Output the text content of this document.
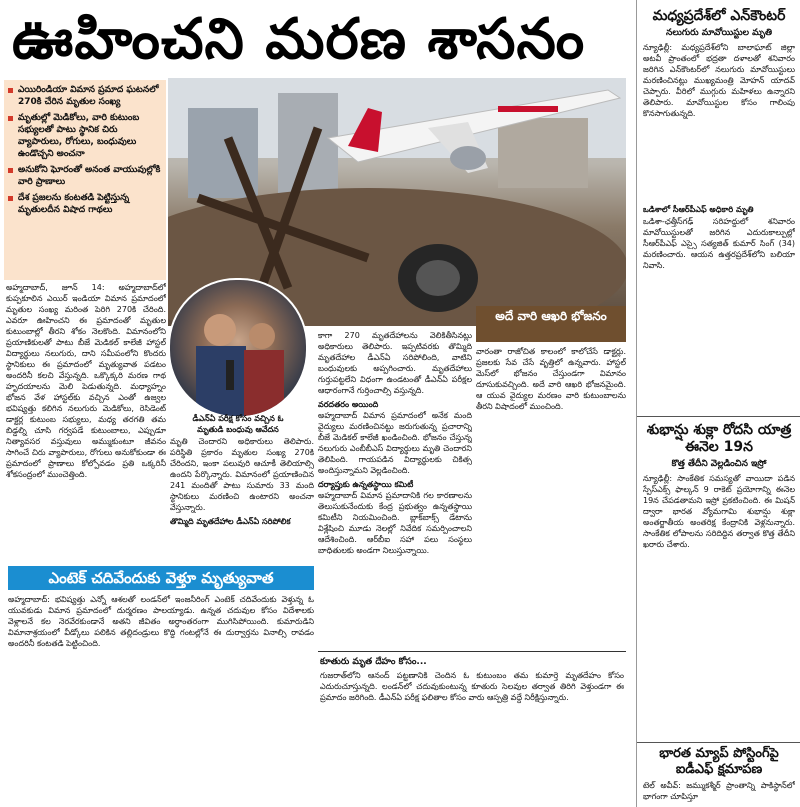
ఊహించని మరణ శాసనం
ఎయిరిండియా విమాన ప్రమాద ఘటనలో 270కి చేరిన మృతుల సంఖ్య
మృతుల్లో మెడికోలు, వారి కుటుంబ సభ్యులతో పాటు స్థానిక చిరు వ్యాపారులు, రోగులు, బంధువులు ఉండొచ్చని అంచనా
అనుకోని ఘోరంతో అనంత వాయువుల్లోకి వారి ప్రాణాలు
దేశ ప్రజలను కంటతడి పెట్టిస్తున్న మృతులదీన విషాద గాథలు
అహ్మదాబాద్‌, జూన్‌ 14: అహ్మదాబాద్‌లో కుప్పకూలిన ఎయిర్‌ ఇండియా విమాన ప్రమాదంలో మృతుల సంఖ్య మరింత పెరిగి 270కి చేరింది. ఎవరూ ఊహించని ఈ ప్రమాదంతో మృతుల కుటుంబాల్లో తీరని శోకం నెలకొంది. విమానంలోని ప్రయాణికులతో పాటు బీజే మెడికల్‌ కాలేజీ హాస్టల్‌ విద్యార్థులు నలుగురు, దాని సమీపంలోని కొందరు స్థానికులు ఈ ప్రమాదంలో మృత్యువాత పడటం అందరినీ కలచి వేస్తున్నది. ఒక్కొక్కరి మరణ గాథ హృదయాలను మెలి పెడుతున్నది. మధ్యాహ్నం భోజన వేళ హాస్టల్‌కు వచ్చిన ఎంతో ఉజ్వల భవిష్యత్తు కలిగిన నలుగురు మెడికోలు, రెసిడెంట్‌ డాక్టర్ల కుటుంబ సభ్యులు, మధ్య తరగతి తమ బిడ్డల్ని చూసి గర్వపడే కుటుంబాలు, ఎప్పుడూ నిత్యావసర వస్తువులు అమ్ముకుంటూ జీవనం సాగించే చిరు వ్యాపారులు, రోగులు అనుకోకుండా ఈ ప్రమాదంలో ప్రాణాలు కోల్పోవడం ప్రతి ఒక్కరినీ శోకసంద్రంలో ముంచెత్తింది.
డీఎన్‌ఏ పరీక్ష కోసం వచ్చిన ఓ మృతుడి బంధువు ఆవేదన
మృతి చెందారని అధికారులు తెలిపారు. పరిస్థితి ప్రకారం మృతుల సంఖ్య 270కి చేరిందని, ఇంకా పలువురి ఆచూకీ తెలియాల్సి ఉందని పేర్కొన్నారు. విమానంలో ప్రయాణించిన 241 మందితో పాటు సుమారు 33 మంది స్థానికులు మరణించి ఉంటారని అంచనా వేస్తున్నారు.
తొమ్మిది మృతదేహాల డీఎన్‌ఏ సరిపోలిక
కాగా 270 మృతదేహాలను వెలికితీసినట్లు అధికారులు తెలిపారు. ఇప్పటివరకు తొమ్మిది మృతదేహాల డీఎన్‌ఏ సరిపోలింది, వాటిని బంధువులకు అప్పగించారు. మృతదేహాలు గుర్తుపట్టలేని విధంగా ఉండటంతో డీఎన్‌ఏ పరీక్షల ఆధారంగానే గుర్తించాల్సి వస్తున్నది.
వరదతరం అయింది
అహ్మదాబాద్‌ విమాన ప్రమాదంలో అనేక మంది వైద్యులు మరణించినట్టు జరుగుతున్న ప్రచారాన్ని బీజే మెడికల్‌ కాలేజీ ఖండించింది. భోజనం చేస్తున్న నలుగురు ఎంబీబీఎస్‌ విద్యార్థులు మృతి చెందారని తెలిపింది. గాయపడిన విద్యార్థులకు చికిత్స అందిస్తున్నామని వెల్లడించింది.
దర్యాప్తుకు ఉన్నతస్థాయి కమిటీ
అహ్మదాబాద్‌ విమాన ప్రమాదానికి గల కారణాలను తెలుసుకునేందుకు కేంద్ర ప్రభుత్వం ఉన్నతస్థాయి కమిటీని నియమించింది. బ్లాక్‌బాక్స్‌ డేటాను విశ్లేషించి మూడు నెలల్లో నివేదిక సమర్పించాలని ఆదేశించింది. ఆర్‌బీఐ సహా పలు సంస్థలు బాధితులకు అండగా నిలుస్తున్నాయి.
అదే వారి ఆఖరి భోజనం
వారంతా రాజోచిత కాలంలో కాలోచేసే డాక్టర్లు. ప్రజలకు సేవ చేసే వృత్తిలో ఉన్నవారు. హాస్టల్‌ మెస్‌లో భోజనం చేస్తుండగా విమానం దూసుకువచ్చింది. అదే వారి ఆఖరి భోజనమైంది. ఆ యువ వైద్యుల మరణం వారి కుటుంబాలను తీరని విషాదంలో ముంచింది.
ఎంటెక్‌ చదివేందుకు వెళ్తూ మృత్యువాత
అహ్మదాబాద్‌: భవిష్యత్తు ఎన్నో ఆశలతో లండన్‌లో ఇంజనీరింగ్‌ ఎంటెక్‌ చదివేందుకు వెళ్తున్న ఓ యువకుడు విమాన ప్రమాదంలో దుర్మరణం పాలయ్యాడు. ఉన్నత చదువుల కోసం విదేశాలకు వెళ్లాలనే కల నెరవేరకుండానే అతని జీవితం అర్ధాంతరంగా ముగిసిపోయింది. కుమారుడిని విమానాశ్రయంలో వీడ్కోలు పలికిన తల్లిదండ్రులు కొద్ది గంటల్లోనే ఈ దుర్వార్తను వినాల్సి రావడం అందరినీ కంటతడి పెట్టించింది.
కూతురు మృత దేహం కోసం...
గుజరాత్‌లోని ఆనంద్‌ పట్టణానికి చెందిన ఓ కుటుంబం తమ కుమార్తె మృతదేహం కోసం ఎదురుచూస్తున్నది. లండన్‌లో చదువుకుంటున్న కూతురు సెలవుల తర్వాత తిరిగి వెళ్తుండగా ఈ ప్రమాదం జరిగింది. డీఎన్‌ఏ పరీక్ష ఫలితాల కోసం వారు ఆస్పత్రి వద్దే నిరీక్షిస్తున్నారు.
మధ్యప్రదేశ్‌లో ఎన్‌కౌంటర్‌
నలుగురు మావోయిస్టుల మృతి
న్యూఢిల్లీ: మధ్యప్రదేశ్‌లోని బాలాఘాట్‌ జిల్లా అటవీ ప్రాంతంలో భద్రతా దళాలతో శనివారం జరిగిన ఎన్‌కౌంటర్‌లో నలుగురు మావోయిస్టులు మరణించినట్లు ముఖ్యమంత్రి మోహన్‌ యాదవ్‌ చెప్పారు. వీరిలో ముగ్గురు మహిళలు ఉన్నారని తెలిపారు. మావోయిస్టుల కోసం గాలింపు కొనసాగుతున్నది.
ఒడిశాలో సీఆర్‌పీఎఫ్‌ అధికారి మృతి
ఒడిశా-ఛత్తీస్‌గఢ్‌ సరిహద్దులో శనివారం మావోయిస్టులతో జరిగిన ఎదురుకాల్పుల్లో సీఆర్‌పీఎఫ్‌ ఎస్సై సత్యజిత్‌ కుమార్‌ సింగ్‌ (34) మరణించారు. ఆయన ఉత్తరప్రదేశ్‌లోని బలియా నివాసి.
శుభాన్షు శుక్లా రోదసి యాత్ర ఈనెల 19న
కొత్త తేదీని వెల్లడించిన ఇస్రో
న్యూఢిల్లీ: సాంకేతిక సమస్యతో వాయిదా పడిన స్పేస్‌ఎక్స్‌ ఫాల్కన్‌ 9 రాకెట్‌ ప్రయోగాన్ని ఈనెల 19న చేపడతామని ఇస్రో ప్రకటించింది. ఈ మిషన్‌ ద్వారా భారత వ్యోమగామి శుభాన్షు శుక్లా అంతర్జాతీయ అంతరిక్ష కేంద్రానికి వెళ్లనున్నారు. సాంకేతిక లోపాలను సరిదిద్దిన తర్వాత కొత్త తేదీని ఖరారు చేశారు.
భారత మ్యాప్‌ పోస్టింగ్‌పై ఐడీఎఫ్‌ క్షమాపణ
టెల్‌ అవీవ్‌: జమ్ముకశ్మీర్‌ ప్రాంతాన్ని పాకిస్థాన్‌లో భాగంగా చూపిస్తూ
